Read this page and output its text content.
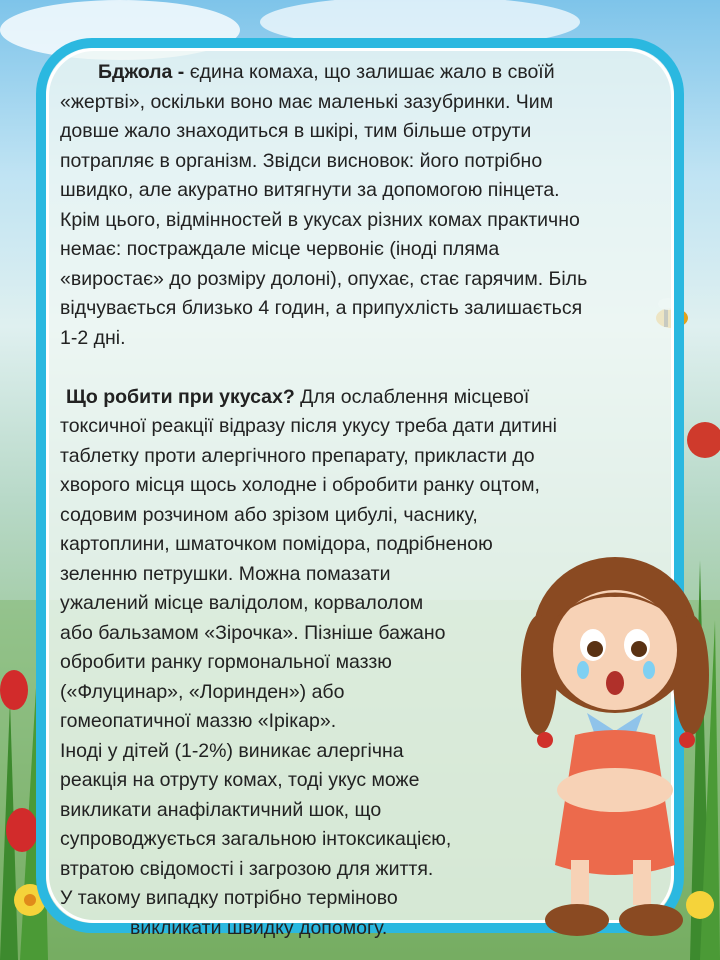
Бджола - єдина комаха, що залишає жало в своїй

«жертві», оскільки воно має маленькі зазубринки. Чим

довше жало знаходиться в шкірі, тим більше отрути

потрапляє в організм. Звідси висновок: його потрібно

швидко, але акуратно витягнути за допомогою пінцета.

Крім цього, відмінностей в укусах різних комах практично

немає: постраждале місце червоніє (іноді пляма

«виростає» до розміру долоні), опухає, стає гарячим. Біль

відчувається близько 4 годин, а припухлість залишається

1-2 дні.

Що робити при укусах? Для ослаблення місцевої

токсичної реакції відразу після укусу треба дати дитині

таблетку проти алергічного препарату, прикласти до

хворого місця щось холодне і обробити ранку оцтом,

содовим розчином або зрізом цибулі, часнику,

картоплини, шматочком помідора, подрібненою

зеленню петрушки. Можна помазати

ужалений місце валідолом, корвалолом

або бальзамом «Зірочка». Пізніше бажано

обробити ранку гормональної маззю

(«Флуцинар», «Лоринден») або

гомеопатичної маззю «Ірікар».

Іноді у дітей (1-2%) виникає алергічна

реакція на отруту комах, тоді укус може

викликати анафілактичний шок, що

супроводжується загальною інтоксикацією,

втратою свідомості і загрозою для життя.

У такому випадку потрібно терміново

викликати швидку допомогу.
